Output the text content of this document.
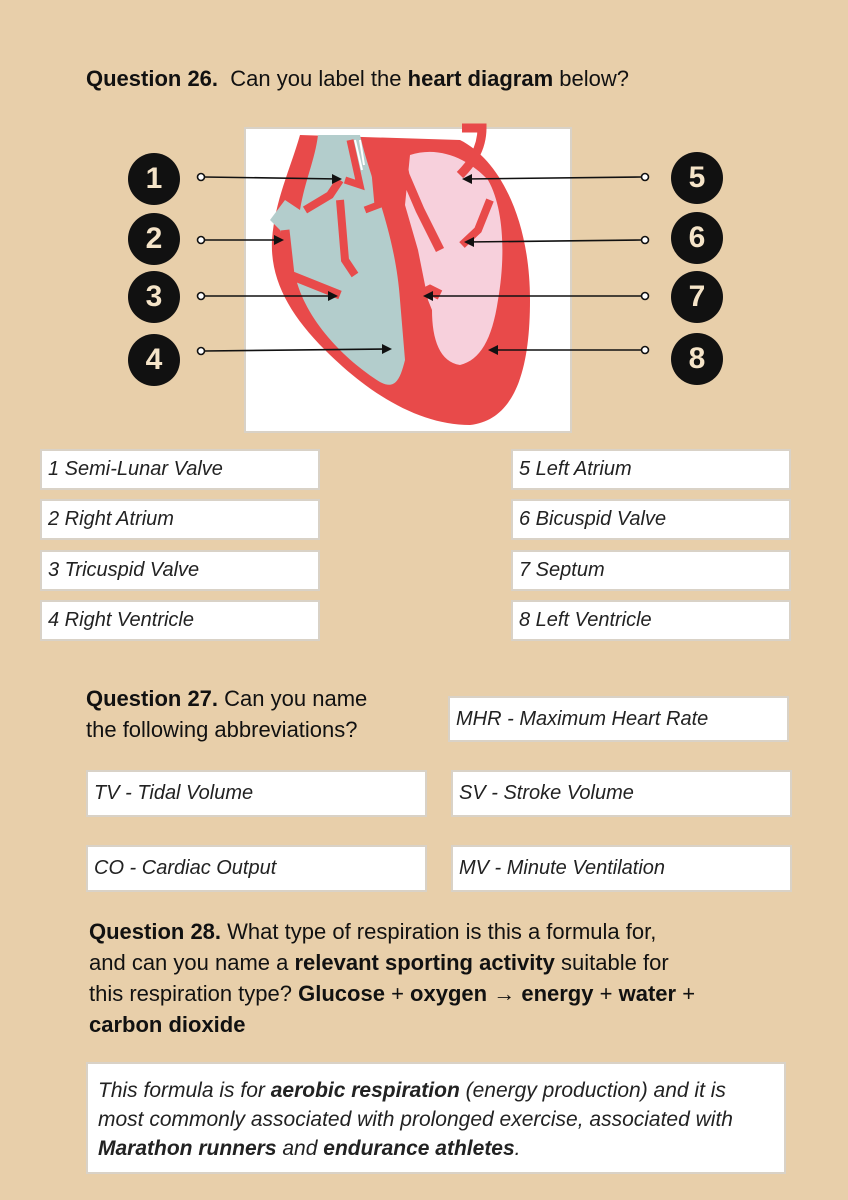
Question 26. Can you label the heart diagram below?
1
2
3
4
5
6
7
8
1 Semi-Lunar Valve
2 Right Atrium
3 Tricuspid Valve
4 Right Ventricle
5 Left Atrium
6 Bicuspid Valve
7 Septum
8 Left Ventricle
Question 27. Can you name
the following abbreviations?	MHR - Maximum Heart Rate
TV - Tidal Volume	SV - Stroke Volume
CO - Cardiac Output	MV - Minute Ventilation
Question 28. What type of respiration is this a formula for,
and can you name a relevant sporting activity suitable for
this respiration type? Glucose + oxygen → energy + water +
carbon dioxide
This formula is for aerobic respiration (energy production) and it is most commonly associated with prolonged exercise, associated with Marathon runners and endurance athletes.
